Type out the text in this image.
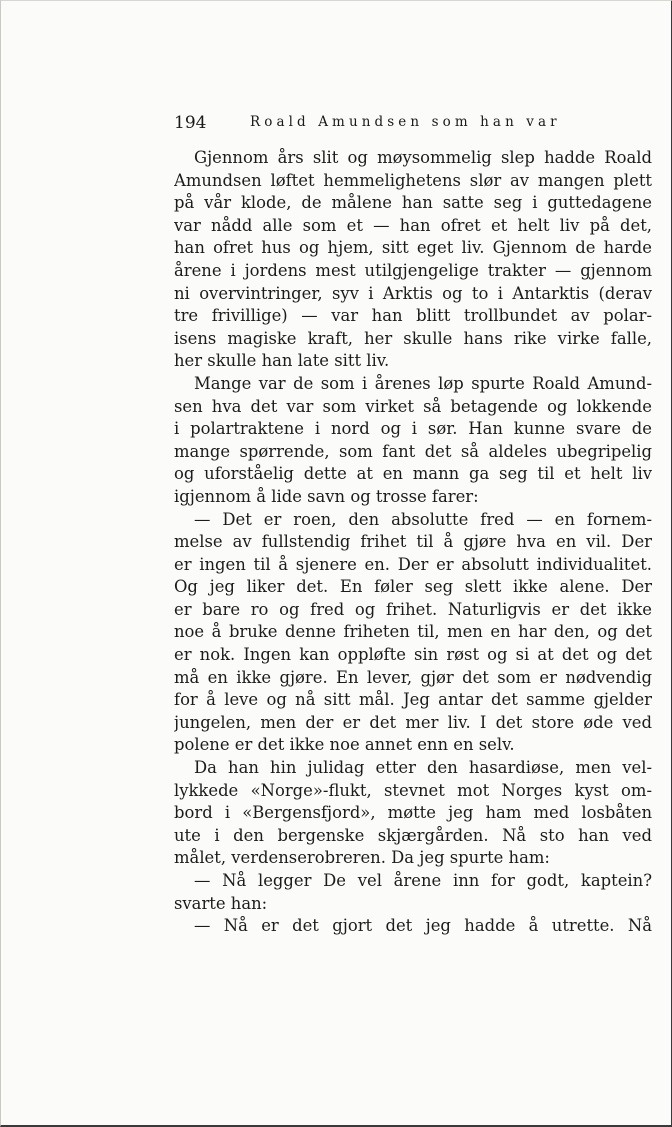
194	Roald Amundsen som han var
Gjennom års slit og møysommelig slep hadde Roald
Amundsen løftet hemmelighetens slør av mangen plett
på vår klode, de målene han satte seg i guttedagene
var nådd alle som et — han ofret et helt liv på det,
han ofret hus og hjem, sitt eget liv. Gjennom de harde
årene i jordens mest utilgjengelige trakter — gjennom
ni overvintringer, syv i Arktis og to i Antarktis (derav
tre frivillige) — var han blitt trollbundet av polar-
isens magiske kraft, her skulle hans rike virke falle,
her skulle han late sitt liv.
Mange var de som i årenes løp spurte Roald Amund-
sen hva det var som virket så betagende og lokkende
i polartraktene i nord og i sør. Han kunne svare de
mange spørrende, som fant det så aldeles ubegripelig
og uforståelig dette at en mann ga seg til et helt liv
igjennom å lide savn og trosse farer:
— Det er roen, den absolutte fred — en fornem-
melse av fullstendig frihet til å gjøre hva en vil. Der
er ingen til å sjenere en. Der er absolutt individualitet.
Og jeg liker det. En føler seg slett ikke alene. Der
er bare ro og fred og frihet. Naturligvis er det ikke
noe å bruke denne friheten til, men en har den, og det
er nok. Ingen kan oppløfte sin røst og si at det og det
må en ikke gjøre. En lever, gjør det som er nødvendig
for å leve og nå sitt mål. Jeg antar det samme gjelder
jungelen, men der er det mer liv. I det store øde ved
polene er det ikke noe annet enn en selv.
Da han hin julidag etter den hasardiøse, men vel-
lykkede «Norge»-flukt, stevnet mot Norges kyst om-
bord i «Bergensfjord», møtte jeg ham med losbåten
ute i den bergenske skjærgården. Nå sto han ved
målet, verdenserobreren. Da jeg spurte ham:
— Nå legger De vel årene inn for godt, kaptein?
svarte han:
— Nå er det gjort det jeg hadde å utrette. Nå
